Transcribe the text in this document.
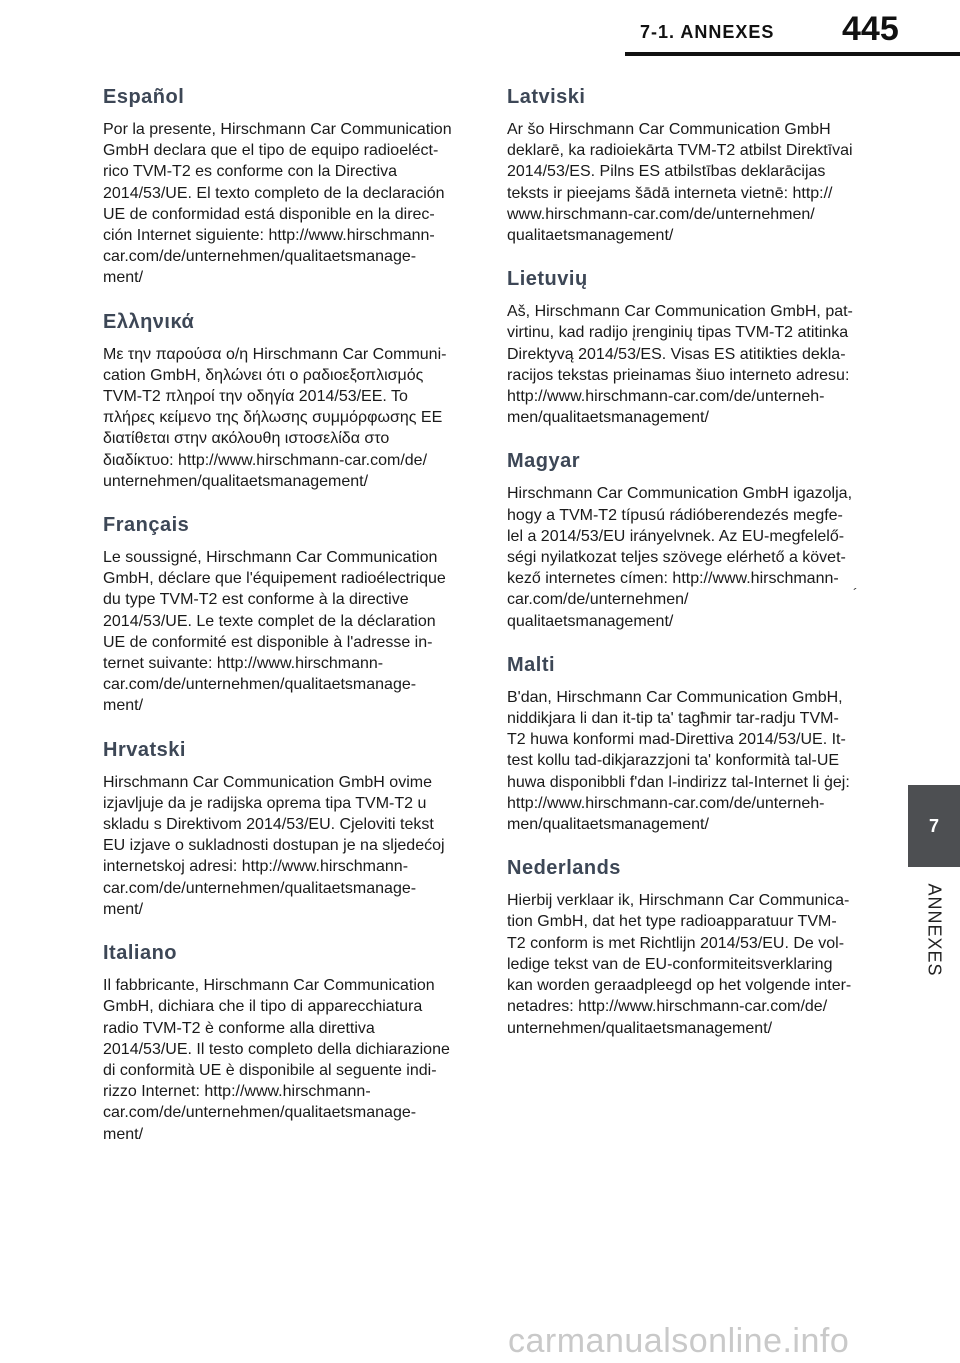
7-1. ANNEXES 445
Español

Por la presente, Hirschmann Car Communication
GmbH declara que el tipo de equipo radioeléct-
rico TVM-T2 es conforme con la Directiva
2014/53/UE. El texto completo de la declaración
UE de conformidad está disponible en la direc-
ción Internet siguiente: http://www.hirschmann-
car.com/de/unternehmen/qualitaetsmanage-
ment/

Ελληνικά

Με την παρούσα ο/η Hirschmann Car Communi-
cation GmbH, δηλώνει ότι ο ραδιοεξοπλισμός
TVM-T2 πληροί την οδηγία 2014/53/ΕΕ. Το
πλήρες κείμενο της δήλωσης συμμόρφωσης ΕΕ
διατίθεται στην ακόλουθη ιστοσελίδα στο
διαδίκτυο: http://www.hirschmann-car.com/de/
unternehmen/qualitaetsmanagement/

Français

Le soussigné, Hirschmann Car Communication
GmbH, déclare que l'équipement radioélectrique
du type TVM-T2 est conforme à la directive
2014/53/UE. Le texte complet de la déclaration
UE de conformité est disponible à l'adresse in-
ternet suivante: http://www.hirschmann-
car.com/de/unternehmen/qualitaetsmanage-
ment/

Hrvatski

Hirschmann Car Communication GmbH ovime
izjavljuje da je radijska oprema tipa TVM-T2 u
skladu s Direktivom 2014/53/EU. Cjeloviti tekst
EU izjave o sukladnosti dostupan je na sljedećoj
internetskoj adresi: http://www.hirschmann-
car.com/de/unternehmen/qualitaetsmanage-
ment/

Italiano

Il fabbricante, Hirschmann Car Communication
GmbH, dichiara che il tipo di apparecchiatura
radio TVM-T2 è conforme alla direttiva
2014/53/UE. Il testo completo della dichiarazione
di conformità UE è disponibile al seguente indi-
rizzo Internet: http://www.hirschmann-
car.com/de/unternehmen/qualitaetsmanage-
ment/

Latviski

Ar šo Hirschmann Car Communication GmbH
deklarē, ka radioiekārta TVM-T2 atbilst Direktīvai
2014/53/ES. Pilns ES atbilstības deklarācijas
teksts ir pieejams šādā interneta vietnē: http://
www.hirschmann-car.com/de/unternehmen/
qualitaetsmanagement/

Lietuvių

Aš, Hirschmann Car Communication GmbH, pat-
virtinu, kad radijo įrenginių tipas TVM-T2 atitinka
Direktyvą 2014/53/ES. Visas ES atitikties dekla-
racijos tekstas prieinamas šiuo interneto adresu:
http://www.hirschmann-car.com/de/unterneh-
men/qualitaetsmanagement/

Magyar

Hirschmann Car Communication GmbH igazolja,
hogy a TVM-T2 típusú rádióberendezés megfe-
lel a 2014/53/EU irányelvnek. Az EU-megfelelő-
ségi nyilatkozat teljes szövege elérhető a követ-
kező internetes címen: http://www.hirschmann-
car.com/de/unternehmen/
qualitaetsmanagement/

Malti

B'dan, Hirschmann Car Communication GmbH,
niddikjara li dan it-tip ta' tagħmir tar-radju TVM-
T2 huwa konformi mad-Direttiva 2014/53/UE. It-
test kollu tad-dikjarazzjoni ta' konformità tal-UE
huwa disponibbli f'dan l-indirizz tal-Internet li ġej:
http://www.hirschmann-car.com/de/unterneh-
men/qualitaetsmanagement/

Nederlands

Hierbij verklaar ik, Hirschmann Car Communica-
tion GmbH, dat het type radioapparatuur TVM-
T2 conform is met Richtlijn 2014/53/EU. De vol-
ledige tekst van de EU-conformiteitsverklaring
kan worden geraadpleegd op het volgende inter-
netadres: http://www.hirschmann-car.com/de/
unternehmen/qualitaetsmanagement/

´
7
ANNEXES
carmanualsonline.info
